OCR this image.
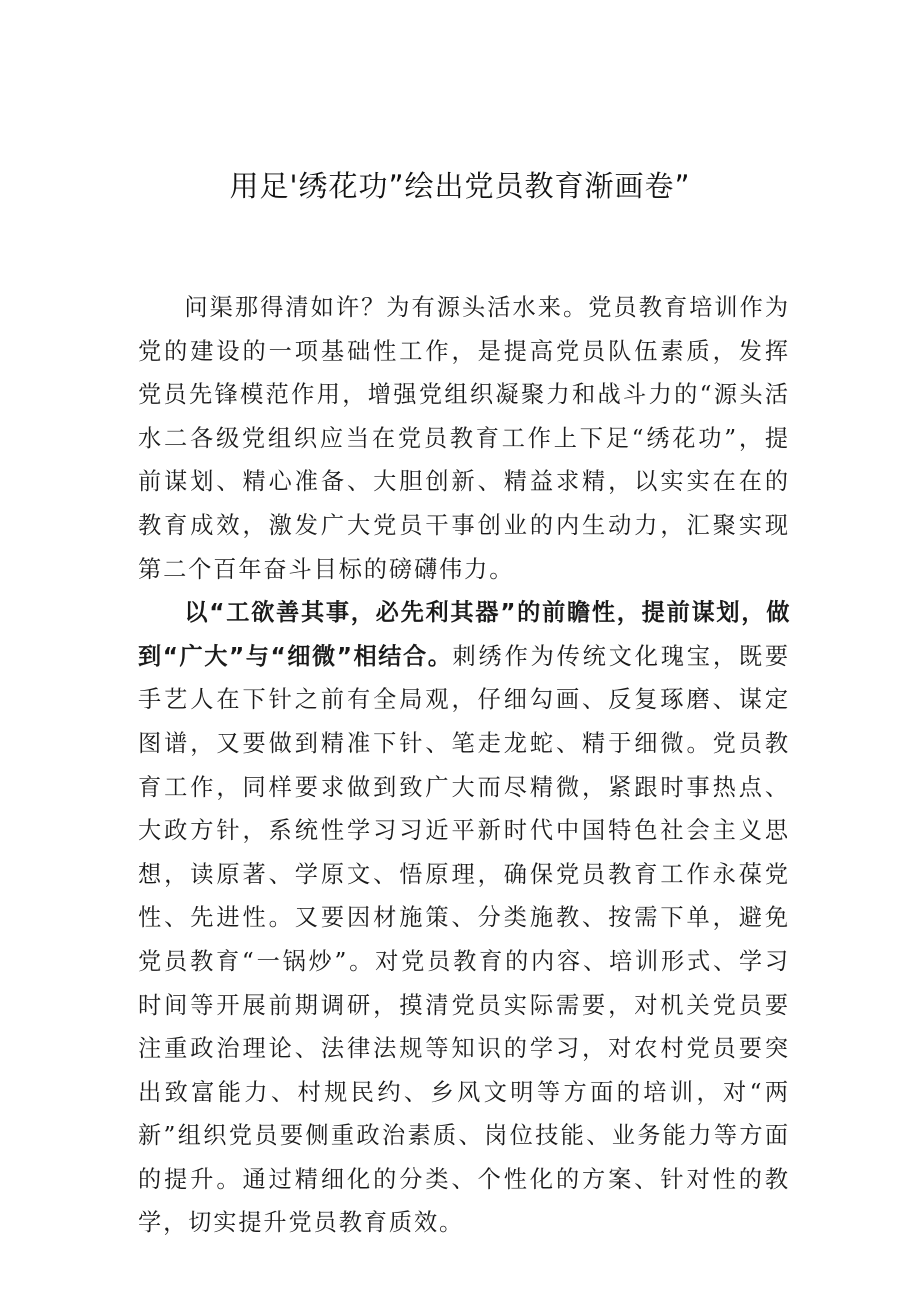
用足'绣花功”绘出党员教育渐画卷”

问渠那得清如许？为有源头活水来。党员教育培训作为党的建设的一项基础性工作，是提高党员队伍素质，发挥党员先锋模范作用，增强党组织凝聚力和战斗力的“源头活水二各级党组织应当在党员教育工作上下足“绣花功”，提前谋划、精心准备、大胆创新、精益求精，以实实在在的教育成效，激发广大党员干事创业的内生动力，汇聚实现第二个百年奋斗目标的磅礴伟力。

以“工欲善其事，必先利其器”的前瞻性，提前谋划，做到“广大”与“细微”相结合。刺绣作为传统文化瑰宝，既要手艺人在下针之前有全局观，仔细勾画、反复琢磨、谋定图谱，又要做到精准下针、笔走龙蛇、精于细微。党员教育工作，同样要求做到致广大而尽精微，紧跟时事热点、大政方针，系统性学习习近平新时代中国特色社会主义思想，读原著、学原文、悟原理，确保党员教育工作永葆党性、先进性。又要因材施策、分类施教、按需下单，避免党员教育“一锅炒”。对党员教育的内容、培训形式、学习时间等开展前期调研，摸清党员实际需要，对机关党员要注重政治理论、法律法规等知识的学习，对农村党员要突出致富能力、村规民约、乡风文明等方面的培训，对“两新”组织党员要侧重政治素质、岗位技能、业务能力等方面的提升。通过精细化的分类、个性化的方案、针对性的教学，切实提升党员教育质效。
